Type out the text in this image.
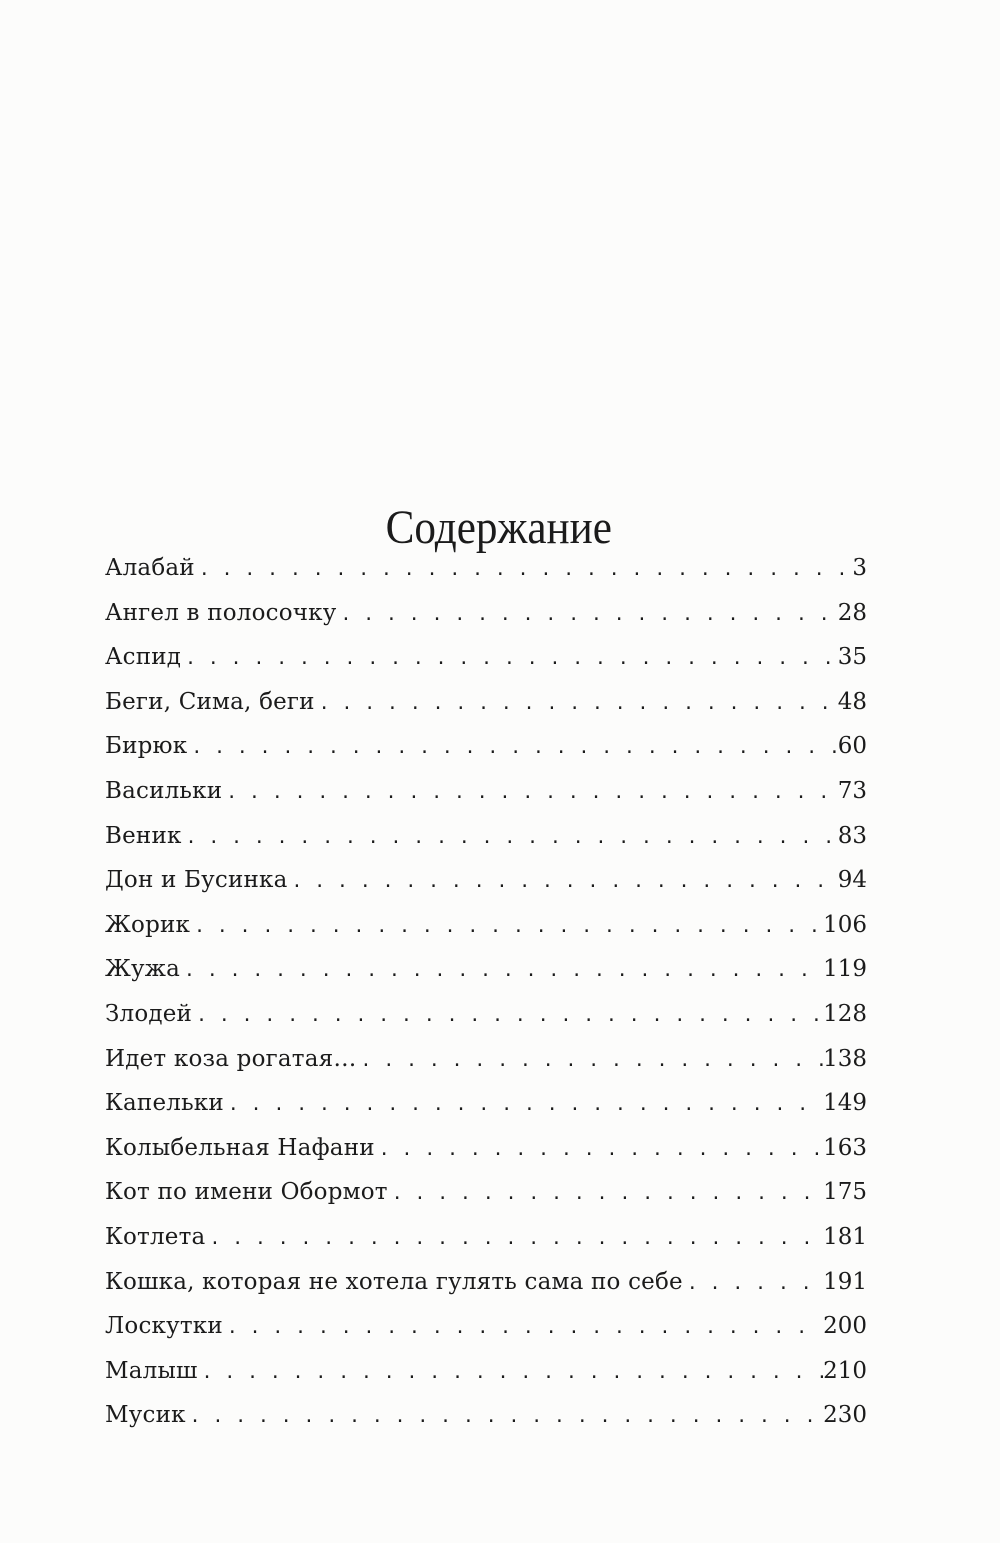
Содержание
Алабай . . .	3
Ангел в полосочку . . .	28
Аспид . . .	35
Беги, Сима, беги . . .	48
Бирюк . . .	60
Васильки . . .	73
Веник . . .	83
Дон и Бусинка . . .	94
Жорик . . .	106
Жужа . . .	119
Злодей . . .	128
Идет коза рогатая… . . .	138
Капельки . . .	149
Колыбельная Нафани . . .	163
Кот по имени Обормот . . .	175
Котлета . . .	181
Кошка, которая не хотела гулять сама по себе . . .	191
Лоскутки . . .	200
Малыш . . .	210
Мусик . . .	230
